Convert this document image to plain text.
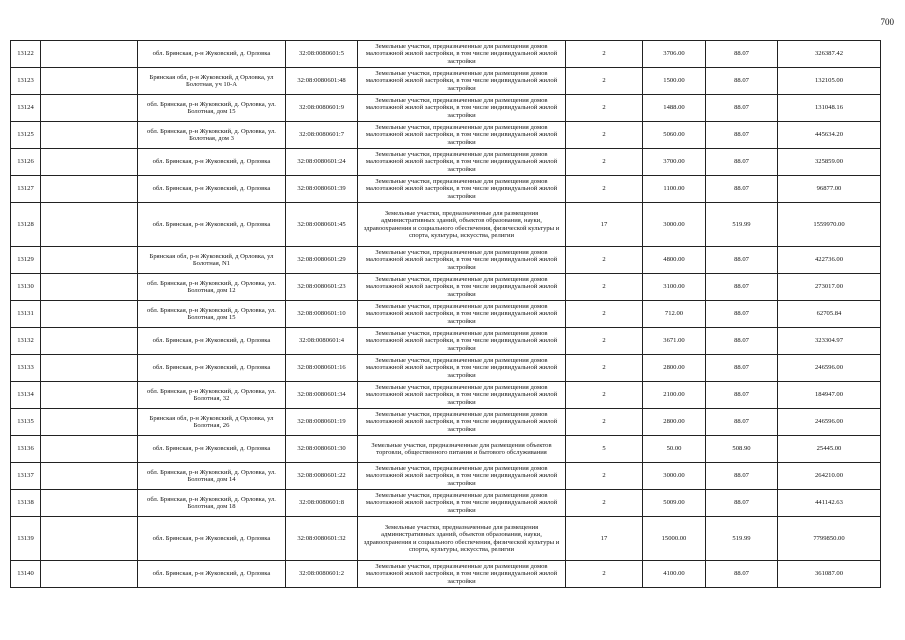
700
13122		обл. Брянская, р-н Жуковский, д. Орловка	32:08:0080601:5	Земельные участки, предназначенные для размещения домов малоэтажной жилой застройки, в том числе индивидуальной жилой застройки	2	3706.00	88.07	326387.42
13123		Брянская обл, р-н Жуковский, д Орловка, ул Болотная, уч 10-А	32:08:0080601:48	Земельные участки, предназначенные для размещения домов малоэтажной жилой застройки, в том числе индивидуальной жилой застройки	2	1500.00	88.07	132105.00
13124		обл. Брянская, р-н Жуковский, д. Орловка, ул. Болотная, дом 15	32:08:0080601:9	Земельные участки, предназначенные для размещения домов малоэтажной жилой застройки, в том числе индивидуальной жилой застройки	2	1488.00	88.07	131048.16
13125		обл. Брянская, р-н Жуковский, д. Орловка, ул. Болотная, дом 3	32:08:0080601:7	Земельные участки, предназначенные для размещения домов малоэтажной жилой застройки, в том числе индивидуальной жилой застройки	2	5060.00	88.07	445634.20
13126		обл. Брянская, р-н Жуковский, д. Орловка	32:08:0080601:24	Земельные участки, предназначенные для размещения домов малоэтажной жилой застройки, в том числе индивидуальной жилой застройки	2	3700.00	88.07	325859.00
13127		обл. Брянская, р-н Жуковский, д. Орловка	32:08:0080601:39	Земельные участки, предназначенные для размещения домов малоэтажной жилой застройки, в том числе индивидуальной жилой застройки	2	1100.00	88.07	96877.00
13128		обл. Брянская, р-н Жуковский, д. Орловка	32:08:0080601:45	Земельные участки, предназначенные для размещения административных зданий, объектов образования, науки, здравоохранения и социального обеспечения, физической культуры и спорта, культуры, искусства, религии	17	3000.00	519.99	1559970.00
13129		Брянская обл, р-н Жуковский, д Орловка, ул Болотная, N1	32:08:0080601:29	Земельные участки, предназначенные для размещения домов малоэтажной жилой застройки, в том числе индивидуальной жилой застройки	2	4800.00	88.07	422736.00
13130		обл. Брянская, р-н Жуковский, д. Орловка, ул. Болотная, дом 12	32:08:0080601:23	Земельные участки, предназначенные для размещения домов малоэтажной жилой застройки, в том числе индивидуальной жилой застройки	2	3100.00	88.07	273017.00
13131		обл. Брянская, р-н Жуковский, д. Орловка, ул. Болотная, дом 15	32:08:0080601:10	Земельные участки, предназначенные для размещения домов малоэтажной жилой застройки, в том числе индивидуальной жилой застройки	2	712.00	88.07	62705.84
13132		обл. Брянская, р-н Жуковский, д. Орловка	32:08:0080601:4	Земельные участки, предназначенные для размещения домов малоэтажной жилой застройки, в том числе индивидуальной жилой застройки	2	3671.00	88.07	323304.97
13133		обл. Брянская, р-н Жуковский, д. Орловка	32:08:0080601:16	Земельные участки, предназначенные для размещения домов малоэтажной жилой застройки, в том числе индивидуальной жилой застройки	2	2800.00	88.07	246596.00
13134		обл. Брянская, р-н Жуковский, д. Орловка, ул. Болотная, 32	32:08:0080601:34	Земельные участки, предназначенные для размещения домов малоэтажной жилой застройки, в том числе индивидуальной жилой застройки	2	2100.00	88.07	184947.00
13135		Брянская обл, р-н Жуковский, д Орловка, ул Болотная, 26	32:08:0080601:19	Земельные участки, предназначенные для размещения домов малоэтажной жилой застройки, в том числе индивидуальной жилой застройки	2	2800.00	88.07	246596.00
13136		обл. Брянская, р-н Жуковский, д. Орловка	32:08:0080601:30	Земельные участки, предназначенные для размещения объектов торговли, общественного питания и бытового обслуживания	5	50.00	508.90	25445.00
13137		обл. Брянская, р-н Жуковский, д. Орловка, ул. Болотная, дом 14	32:08:0080601:22	Земельные участки, предназначенные для размещения домов малоэтажной жилой застройки, в том числе индивидуальной жилой застройки	2	3000.00	88.07	264210.00
13138		обл. Брянская, р-н Жуковский, д. Орловка, ул. Болотная, дом 18	32:08:0080601:8	Земельные участки, предназначенные для размещения домов малоэтажной жилой застройки, в том числе индивидуальной жилой застройки	2	5009.00	88.07	441142.63
13139		обл. Брянская, р-н Жуковский, д. Орловка	32:08:0080601:32	Земельные участки, предназначенные для размещения административных зданий, объектов образования, науки, здравоохранения и социального обеспечения, физической культуры и спорта, культуры, искусства, религии	17	15000.00	519.99	7799850.00
13140		обл. Брянская, р-н Жуковский, д. Орловка	32:08:0080601:2	Земельные участки, предназначенные для размещения домов малоэтажной жилой застройки, в том числе индивидуальной жилой застройки	2	4100.00	88.07	361087.00
